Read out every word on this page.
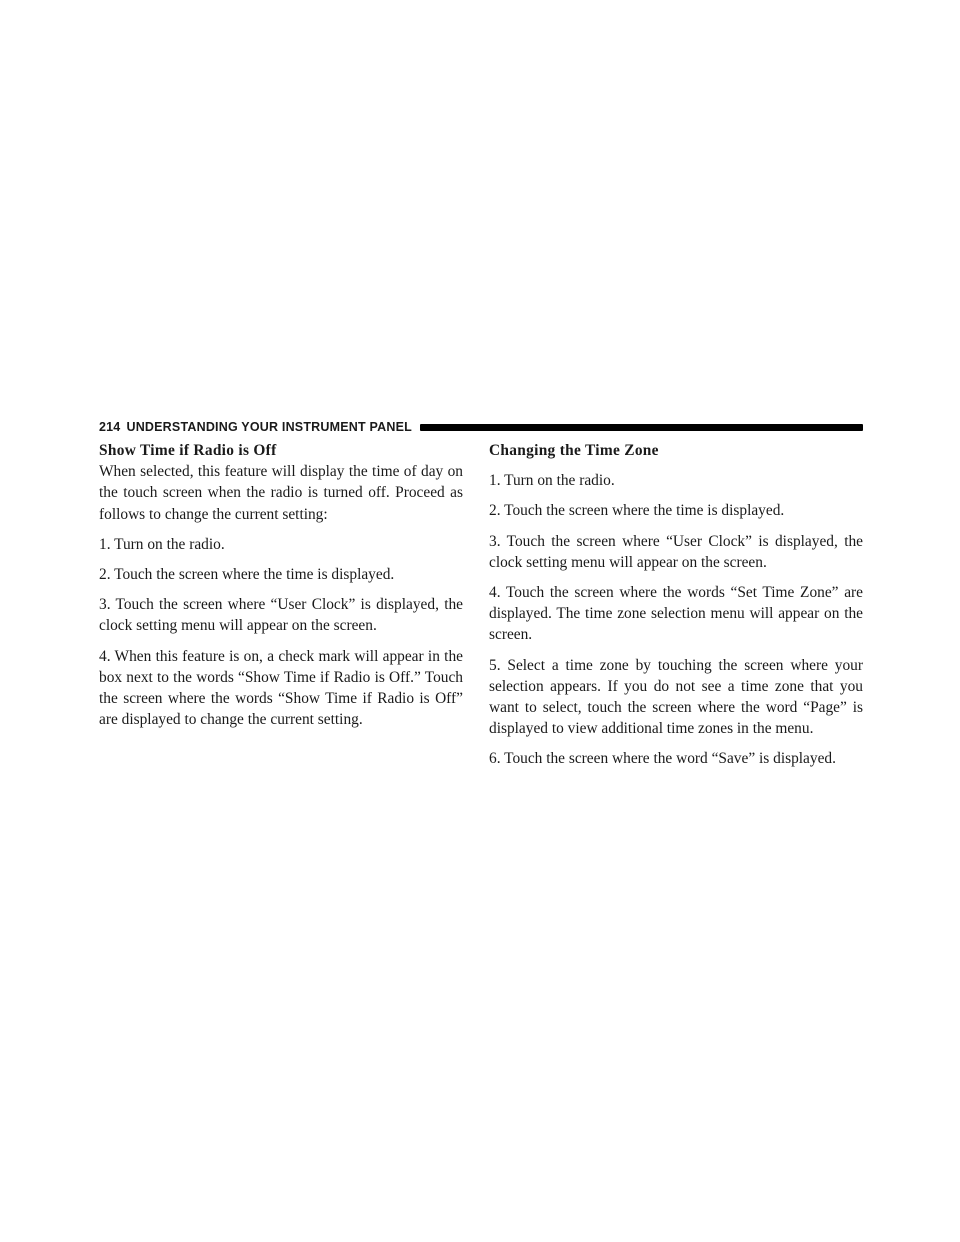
214 UNDERSTANDING YOUR INSTRUMENT PANEL
Show Time if Radio is Off

When selected, this feature will display the time of day on the touch screen when the radio is turned off. Proceed as follows to change the current setting:

1. Turn on the radio.

2. Touch the screen where the time is displayed.

3. Touch the screen where “User Clock” is displayed, the clock setting menu will appear on the screen.

4. When this feature is on, a check mark will appear in the box next to the words “Show Time if Radio is Off.” Touch the screen where the words “Show Time if Radio is Off” are displayed to change the current setting.

Changing the Time Zone

1. Turn on the radio.

2. Touch the screen where the time is displayed.

3. Touch the screen where “User Clock” is displayed, the clock setting menu will appear on the screen.

4. Touch the screen where the words “Set Time Zone” are displayed. The time zone selection menu will appear on the screen.

5. Select a time zone by touching the screen where your selection appears. If you do not see a time zone that you want to select, touch the screen where the word “Page” is displayed to view additional time zones in the menu.

6. Touch the screen where the word “Save” is displayed.
